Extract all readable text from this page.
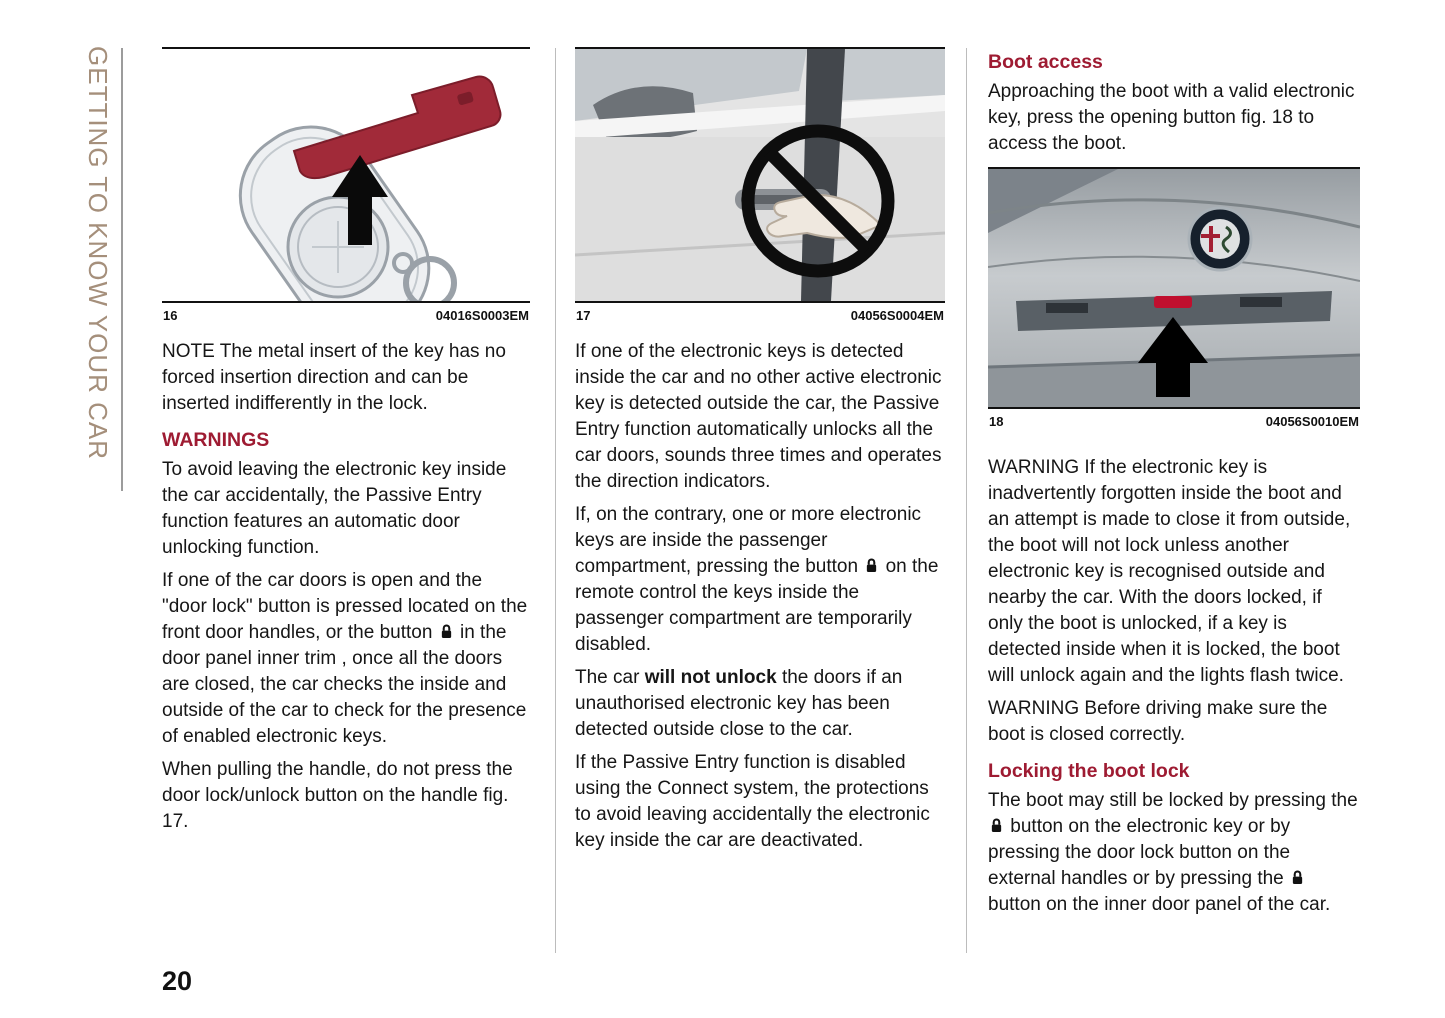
GETTING TO KNOW YOUR CAR	16	04016S0003EM

NOTE The metal insert of the key has no forced insertion direction and can be inserted indifferently in the lock.

WARNINGS

To avoid leaving the electronic key inside the car accidentally, the Passive Entry function features an automatic door unlocking function.

If one of the car doors is open and the "door lock" button is pressed located on the front door handles, or the button in the door panel inner trim , once all the doors are closed, the car checks the inside and outside of the car to check for the presence of enabled electronic keys.

When pulling the handle, do not press the door lock/unlock button on the handle fig. 17.

17	04056S0004EM

If one of the electronic keys is detected inside the car and no other active electronic key is detected outside the car, the Passive Entry function automatically unlocks all the car doors, sounds three times and operates the direction indicators.

If, on the contrary, one or more electronic keys are inside the passenger compartment, pressing the button on the remote control the keys inside the passenger compartment are temporarily disabled.

The car will not unlock the doors if an unauthorised electronic key has been detected outside close to the car.

If the Passive Entry function is disabled using the Connect system, the protections to avoid leaving accidentally the electronic key inside the car are deactivated.

Boot access

Approaching the boot with a valid electronic key, press the opening button fig. 18 to access the boot.

18	04056S0010EM

WARNING If the electronic key is inadvertently forgotten inside the boot and an attempt is made to close it from outside, the boot will not lock unless another electronic key is recognised outside and nearby the car. With the doors locked, if only the boot is unlocked, if a key is detected inside when it is locked, the boot will unlock again and the lights flash twice.

WARNING Before driving make sure the boot is closed correctly.

Locking the boot lock

The boot may still be locked by pressing the  button on the electronic key or by pressing the door lock button on the external handles or by pressing the  button on the inner door panel of the car.

20
